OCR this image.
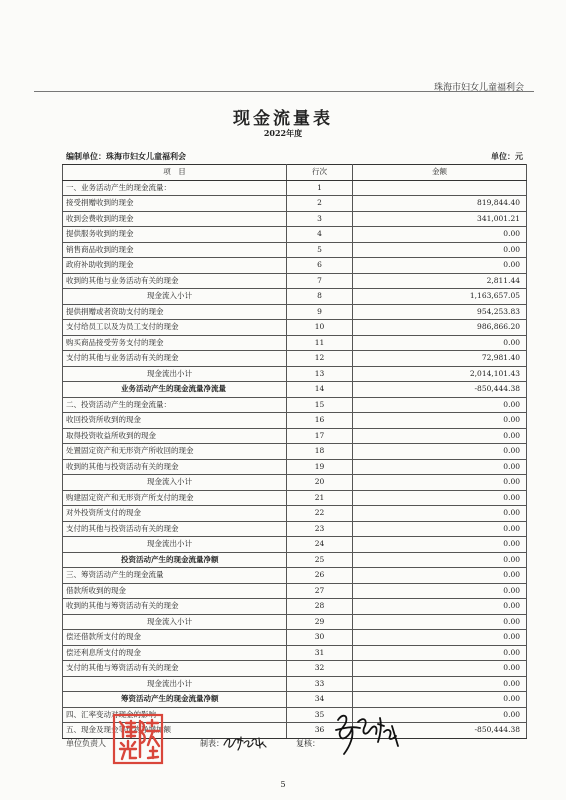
珠海市妇女儿童福利会
现金流量表
2022年度
编制单位：珠海市妇女儿童福利会	单位：元
项　目	行次	金额
一、业务活动产生的现金流量：	1	
接受捐赠收到的现金	2	819,844.40
收到会费收到的现金	3	341,001.21
提供服务收到的现金	4	0.00
销售商品收到的现金	5	0.00
政府补助收到的现金	6	0.00
收到的其他与业务活动有关的现金	7	2,811.44
现金流入小计	8	1,163,657.05
提供捐赠或者资助支付的现金	9	954,253.83
支付给员工以及为员工支付的现金	10	986,866.20
购买商品接受劳务支付的现金	11	0.00
支付的其他与业务活动有关的现金	12	72,981.40
现金流出小计	13	2,014,101.43
业务活动产生的现金流量净流量	14	-850,444.38
二、投资活动产生的现金流量：	15	0.00
收回投资所收到的现金	16	0.00
取得投资收益所收到的现金	17	0.00
处置固定资产和无形资产所收回的现金	18	0.00
收到的其他与投资活动有关的现金	19	0.00
现金流入小计	20	0.00
购建固定资产和无形资产所支付的现金	21	0.00
对外投资所支付的现金	22	0.00
支付的其他与投资活动有关的现金	23	0.00
现金流出小计	24	0.00
投资活动产生的现金流量净额	25	0.00
三、筹资活动产生的现金流量	26	0.00
借款所收到的现金	27	0.00
收到的其他与筹资活动有关的现金	28	0.00
现金流入小计	29	0.00
偿还借款所支付的现金	30	0.00
偿还利息所支付的现金	31	0.00
支付的其他与筹资活动有关的现金	32	0.00
现金流出小计	33	0.00
筹资活动产生的现金流量净额	34	0.00
四、汇率变动对现金的影响	35	0.00
五、现金及现金等价物净增加额	36	-850,444.38
单位负责人	制表：	复核：
5
